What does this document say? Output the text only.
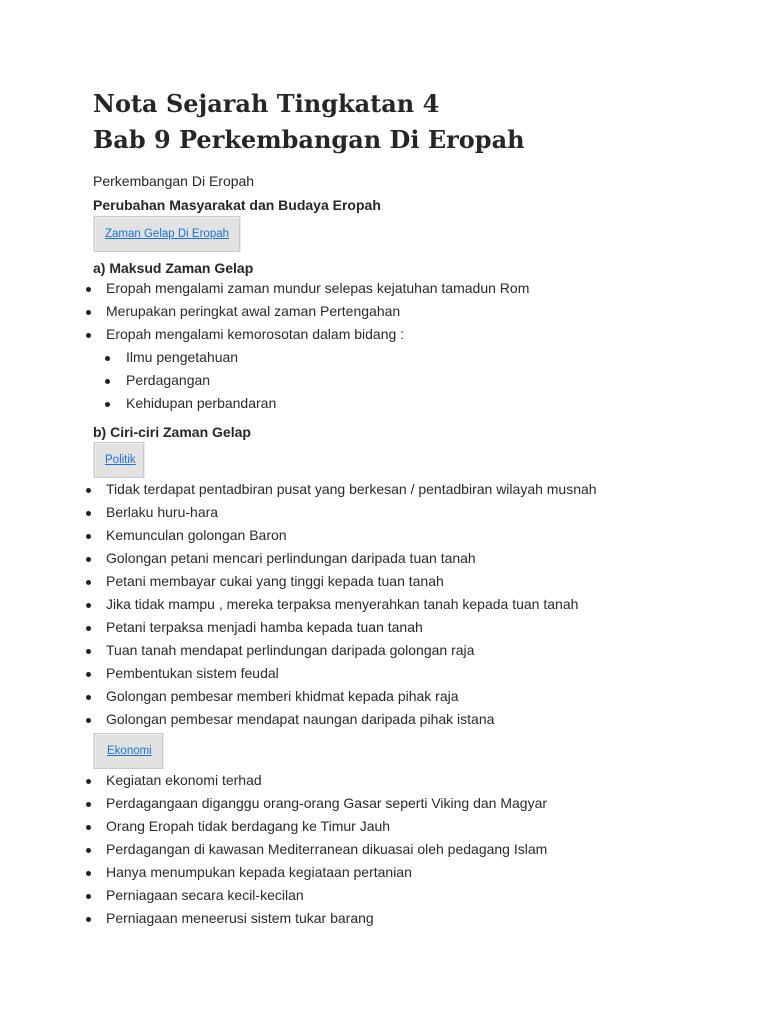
Nota Sejarah Tingkatan 4
Bab 9 Perkembangan Di Eropah
Perkembangan Di Eropah
Perubahan Masyarakat dan Budaya Eropah
Zaman Gelap Di Eropah
a) Maksud Zaman Gelap
Eropah mengalami zaman mundur selepas kejatuhan tamadun Rom
Merupakan peringkat awal zaman Pertengahan
Eropah mengalami kemorosotan dalam bidang :
Ilmu pengetahuan
Perdagangan
Kehidupan perbandaran
b) Ciri-ciri Zaman Gelap
Politik
Tidak terdapat pentadbiran pusat yang berkesan / pentadbiran wilayah musnah
Berlaku huru-hara
Kemunculan golongan Baron
Golongan petani mencari perlindungan daripada tuan tanah
Petani membayar cukai yang tinggi kepada tuan tanah
Jika tidak mampu , mereka terpaksa menyerahkan tanah kepada tuan tanah
Petani terpaksa menjadi hamba kepada tuan tanah
Tuan tanah mendapat perlindungan daripada golongan raja
Pembentukan sistem feudal
Golongan pembesar memberi khidmat kepada pihak raja
Golongan pembesar mendapat naungan daripada pihak istana
Ekonomi
Kegiatan ekonomi terhad
Perdagangaan diganggu orang-orang Gasar seperti Viking dan Magyar
Orang Eropah tidak berdagang ke Timur Jauh
Perdagangan di kawasan Mediterranean dikuasai oleh pedagang Islam
Hanya menumpukan kepada kegiataan pertanian
Perniagaan secara kecil-kecilan
Perniagaan meneerusi sistem tukar barang
